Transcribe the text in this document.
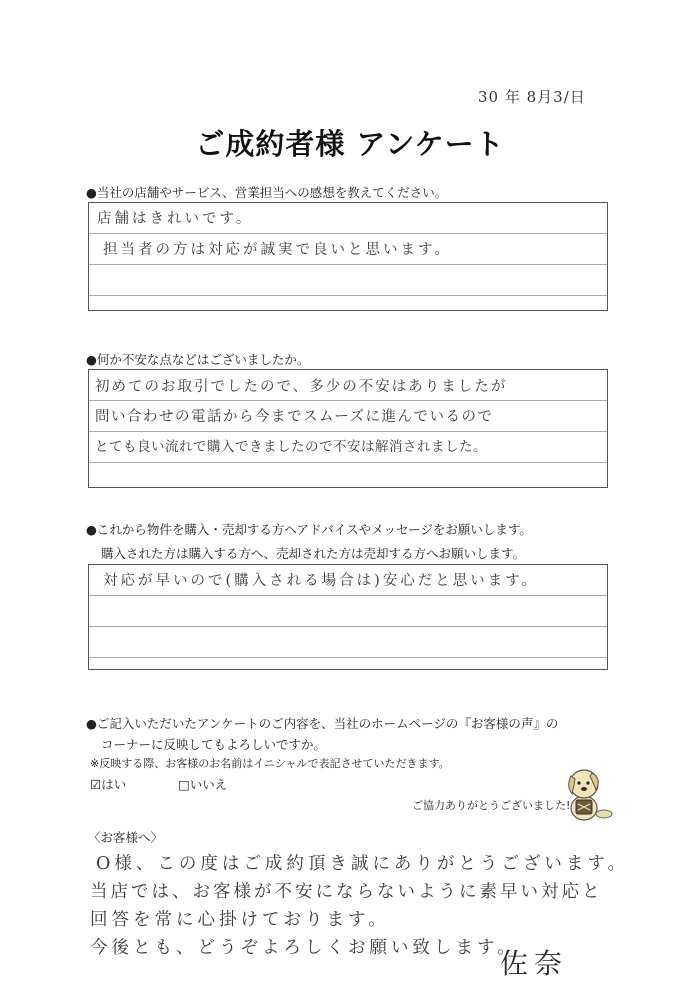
30 年 8月3/日
ご成約者様 アンケート
●当社の店舗やサービス、営業担当への感想を教えてください。
店舗はきれいです。
担当者の方は対応が誠実で良いと思います。
●何か不安な点などはございましたか。
初めてのお取引でしたので、多少の不安はありましたが
問い合わせの電話から今までスムーズに進んでいるので
とても良い流れで購入できましたので不安は解消されました。
●これから物件を購入・売却する方へアドバイスやメッセージをお願いします。
購入された方は購入する方へ、売却された方は売却する方へお願いします。
対応が早いので(購入される場合は)安心だと思います。
●ご記入いただいたアンケートのご内容を、当社のホームページの『お客様の声』の
コーナーに反映してもよろしいですか。
※反映する際、お客様のお名前はイニシャルで表記させていただきます。
☑はい	□いいえ
ご協力ありがとうございました!
〈お客様へ〉
O様、この度はご成約頂き誠にありがとうございます。
当店では、お客様が不安にならないように素早い対応と
回答を常に心掛けております。
今後とも、どうぞよろしくお願い致します。
佐奈
